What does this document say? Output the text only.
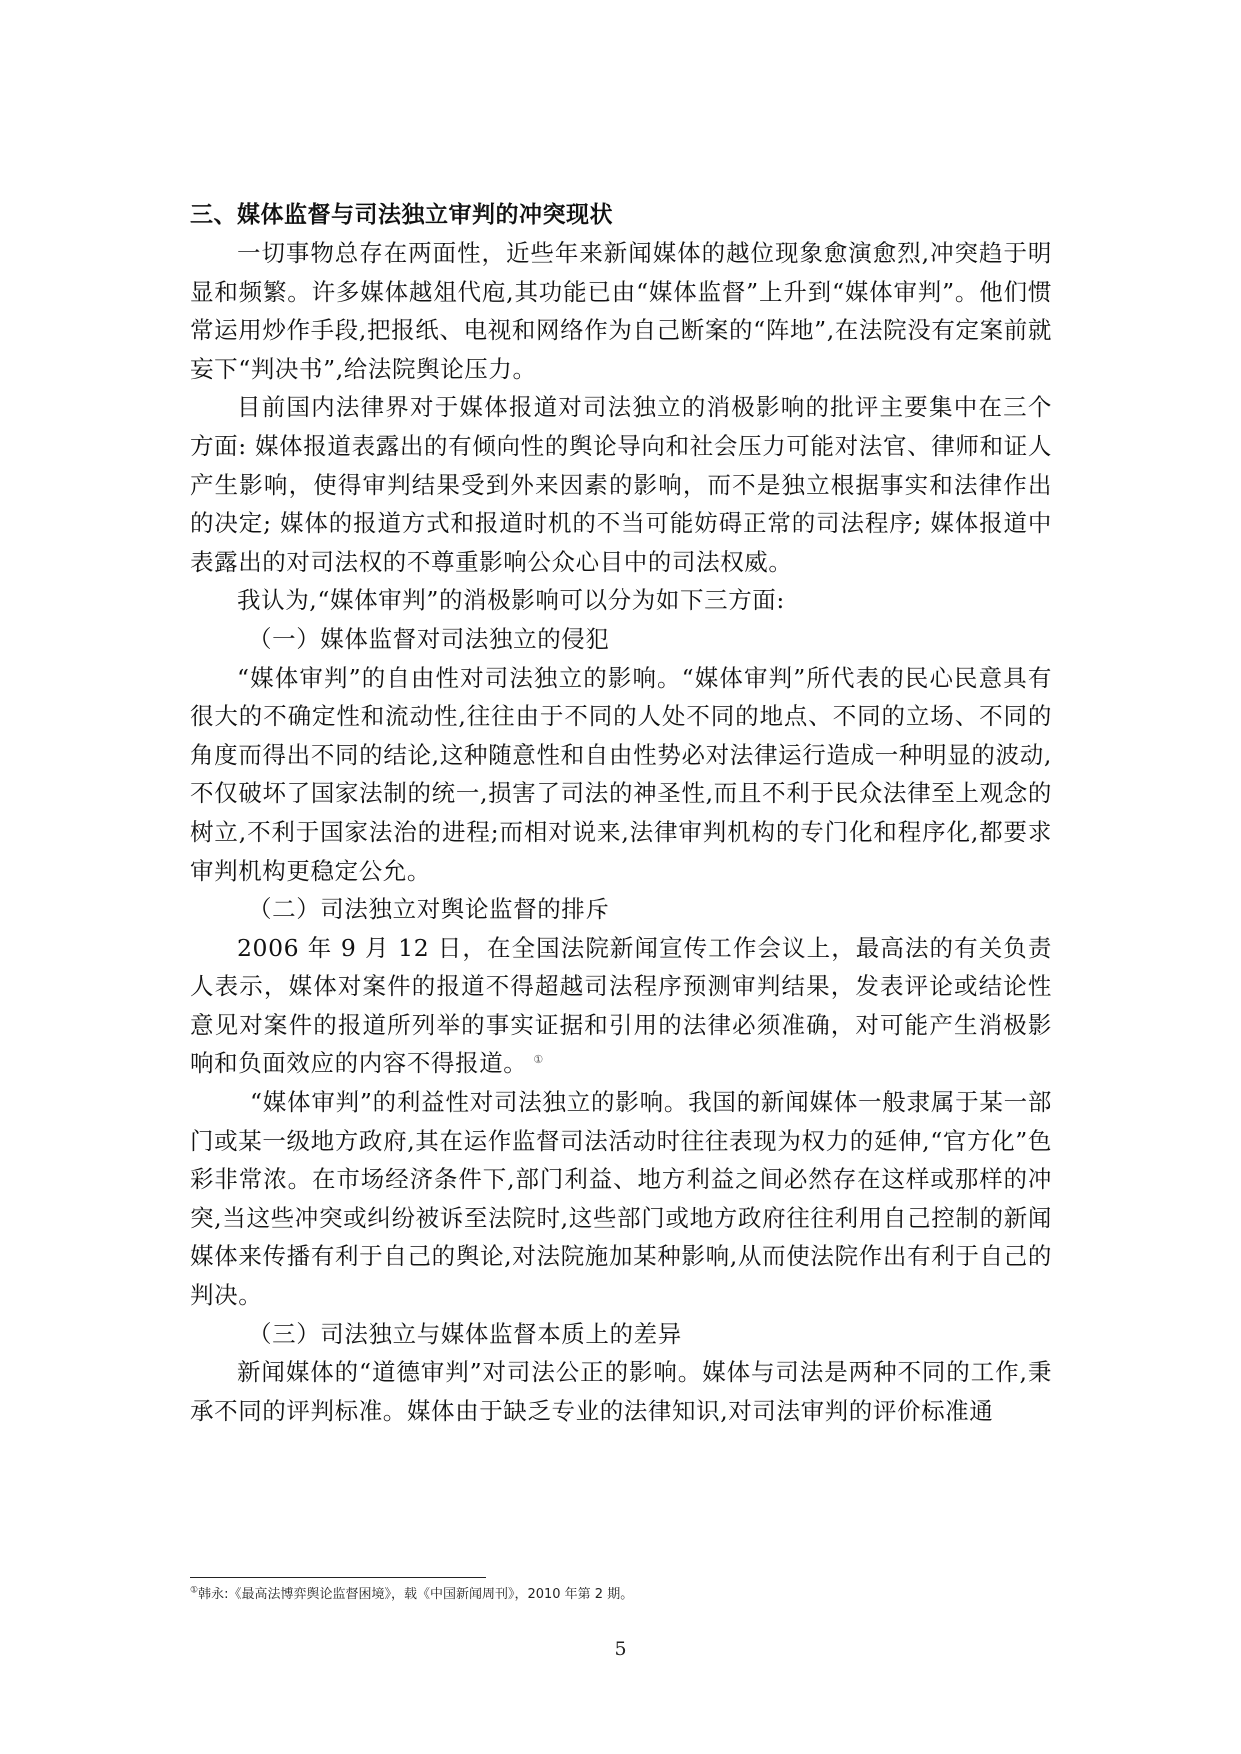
三、媒体监督与司法独立审判的冲突现状

一切事物总存在两面性，近些年来新闻媒体的越位现象愈演愈烈,冲突趋于明显和频繁。许多媒体越俎代庖,其功能已由“媒体监督”上升到“媒体审判”。他们惯常运用炒作手段,把报纸、电视和网络作为自己断案的“阵地”,在法院没有定案前就妄下“判决书”,给法院舆论压力。

目前国内法律界对于媒体报道对司法独立的消极影响的批评主要集中在三个方面: 媒体报道表露出的有倾向性的舆论导向和社会压力可能对法官、律师和证人产生影响，使得审判结果受到外来因素的影响，而不是独立根据事实和法律作出的决定; 媒体的报道方式和报道时机的不当可能妨碍正常的司法程序; 媒体报道中表露出的对司法权的不尊重影响公众心目中的司法权威。

我认为,“媒体审判”的消极影响可以分为如下三方面:

（一）媒体监督对司法独立的侵犯

“媒体审判”的自由性对司法独立的影响。“媒体审判”所代表的民心民意具有很大的不确定性和流动性,往往由于不同的人处不同的地点、不同的立场、不同的角度而得出不同的结论,这种随意性和自由性势必对法律运行造成一种明显的波动,不仅破坏了国家法制的统一,损害了司法的神圣性,而且不利于民众法律至上观念的树立,不利于国家法治的进程;而相对说来,法律审判机构的专门化和程序化,都要求审判机构更稳定公允。

（二）司法独立对舆论监督的排斥

2006 年 9 月 12 日，在全国法院新闻宣传工作会议上，最高法的有关负责人表示，媒体对案件的报道不得超越司法程序预测审判结果，发表评论或结论性意见对案件的报道所列举的事实证据和引用的法律必须准确，对可能产生消极影响和负面效应的内容不得报道。 ①

“媒体审判”的利益性对司法独立的影响。我国的新闻媒体一般隶属于某一部门或某一级地方政府,其在运作监督司法活动时往往表现为权力的延伸,“官方化”色彩非常浓。在市场经济条件下,部门利益、地方利益之间必然存在这样或那样的冲突,当这些冲突或纠纷被诉至法院时,这些部门或地方政府往往利用自己控制的新闻媒体来传播有利于自己的舆论,对法院施加某种影响,从而使法院作出有利于自己的判决。

（三）司法独立与媒体监督本质上的差异

新闻媒体的“道德审判”对司法公正的影响。媒体与司法是两种不同的工作,秉承不同的评判标准。媒体由于缺乏专业的法律知识,对司法审判的评价标准通

①韩永:《最高法博弈舆论监督困境》，载《中国新闻周刊》，2010 年第 2 期。
5
